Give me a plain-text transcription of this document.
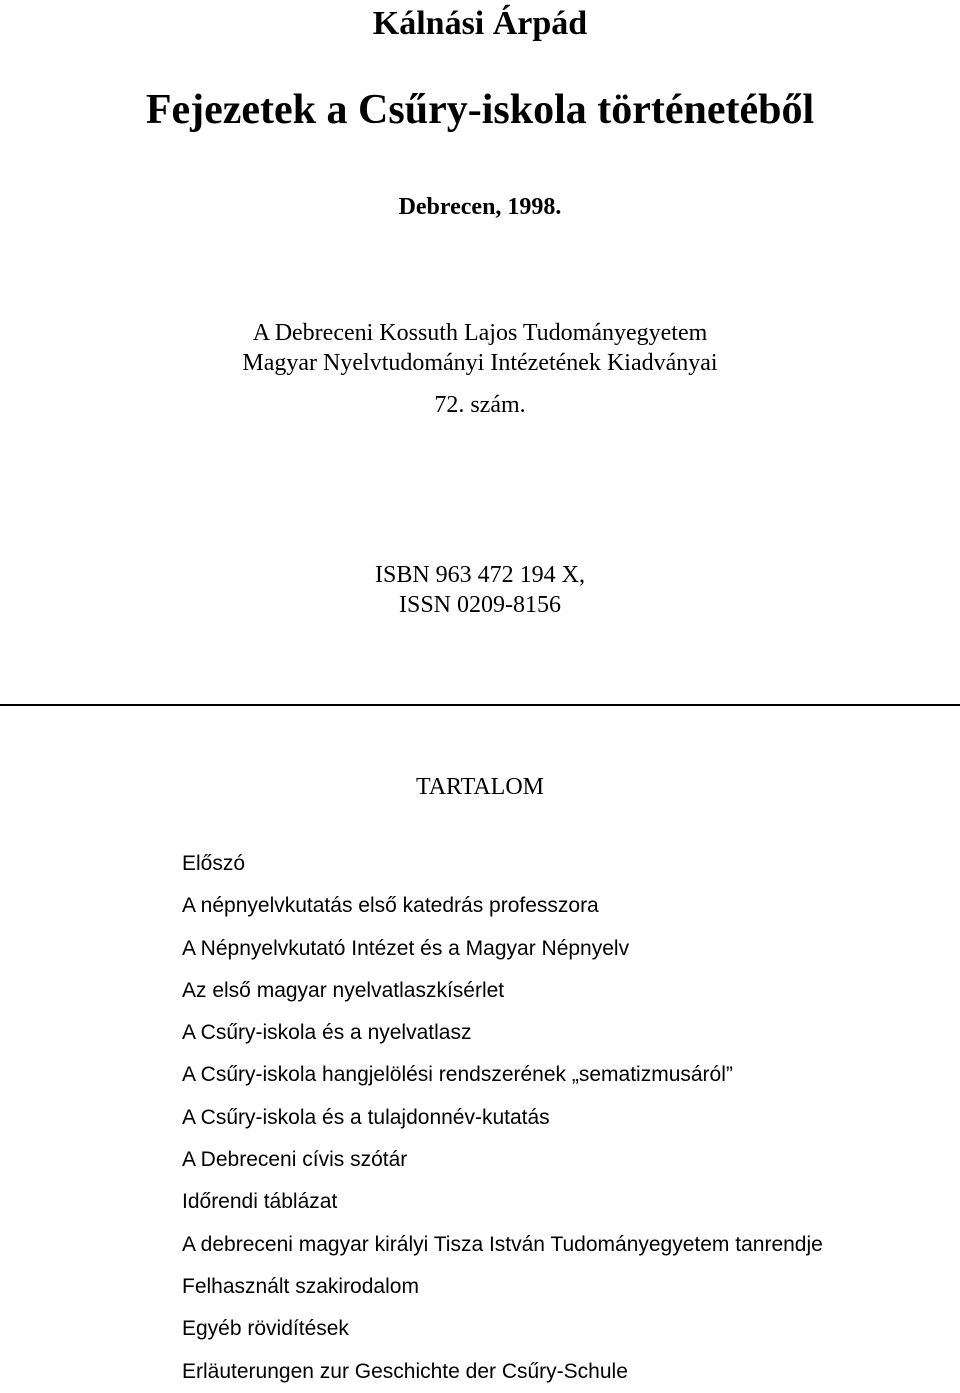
Kálnási Árpád
Fejezetek a Csűry-iskola történetéből
Debrecen, 1998.
A Debreceni Kossuth Lajos Tudományegyetem
Magyar Nyelvtudományi Intézetének Kiadványai
72. szám.
ISBN 963 472 194 X,
ISSN 0209-8156
TARTALOM
Előszó
A népnyelvkutatás első katedrás professzora
A Népnyelvkutató Intézet és a Magyar Népnyelv
Az első magyar nyelvatlaszkísérlet
A Csűry-iskola és a nyelvatlasz
A Csűry-iskola hangjelölési rendszerének „sematizmusáról”
A Csűry-iskola és a tulajdonnév-kutatás
A Debreceni cívis szótár
Időrendi táblázat
A debreceni magyar királyi Tisza István Tudományegyetem tanrendje
Felhasznált szakirodalom
Egyéb rövidítések
Erläuterungen zur Geschichte der Csűry-Schule
